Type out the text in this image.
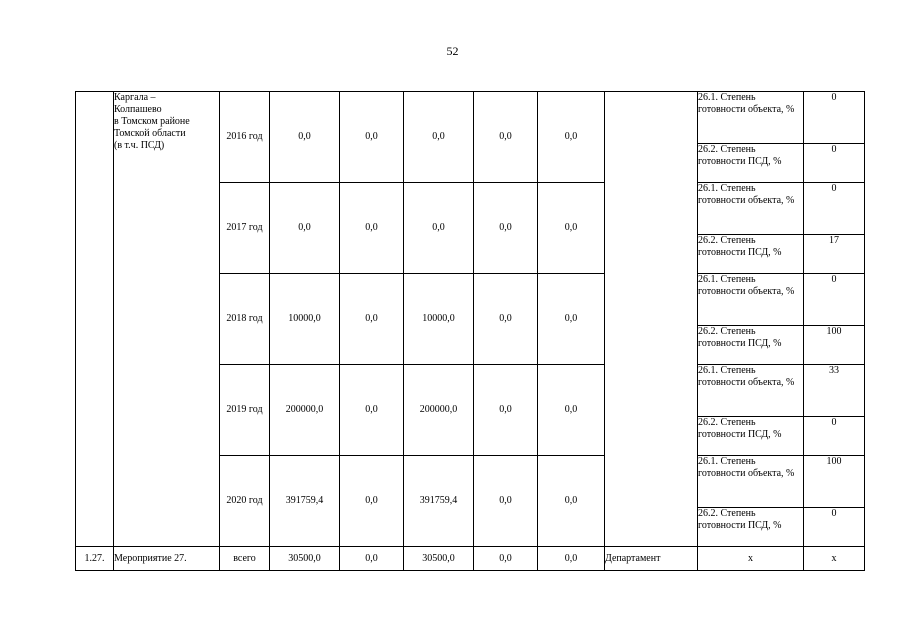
52
	Каргала –
Колпашево
в Томском районе
Томской области
(в т.ч. ПСД)	2016 год	0,0	0,0	0,0	0,0	0,0		26.1. Степень готовности объекта, %	0
									26.2. Степень готовности ПСД, %	0
		2017 год	0,0	0,0	0,0	0,0	0,0		26.1. Степень готовности объекта, %	0
									26.2. Степень готовности ПСД, %	17
		2018 год	10000,0	0,0	10000,0	0,0	0,0		26.1. Степень готовности объекта, %	0
									26.2. Степень готовности ПСД, %	100
		2019 год	200000,0	0,0	200000,0	0,0	0,0		26.1. Степень готовности объекта, %	33
									26.2. Степень готовности ПСД, %	0
		2020 год	391759,4	0,0	391759,4	0,0	0,0		26.1. Степень готовности объекта, %	100
									26.2. Степень готовности ПСД, %	0
1.27.	Мероприятие 27.	всего	30500,0	0,0	30500,0	0,0	0,0	Департамент	х	х
